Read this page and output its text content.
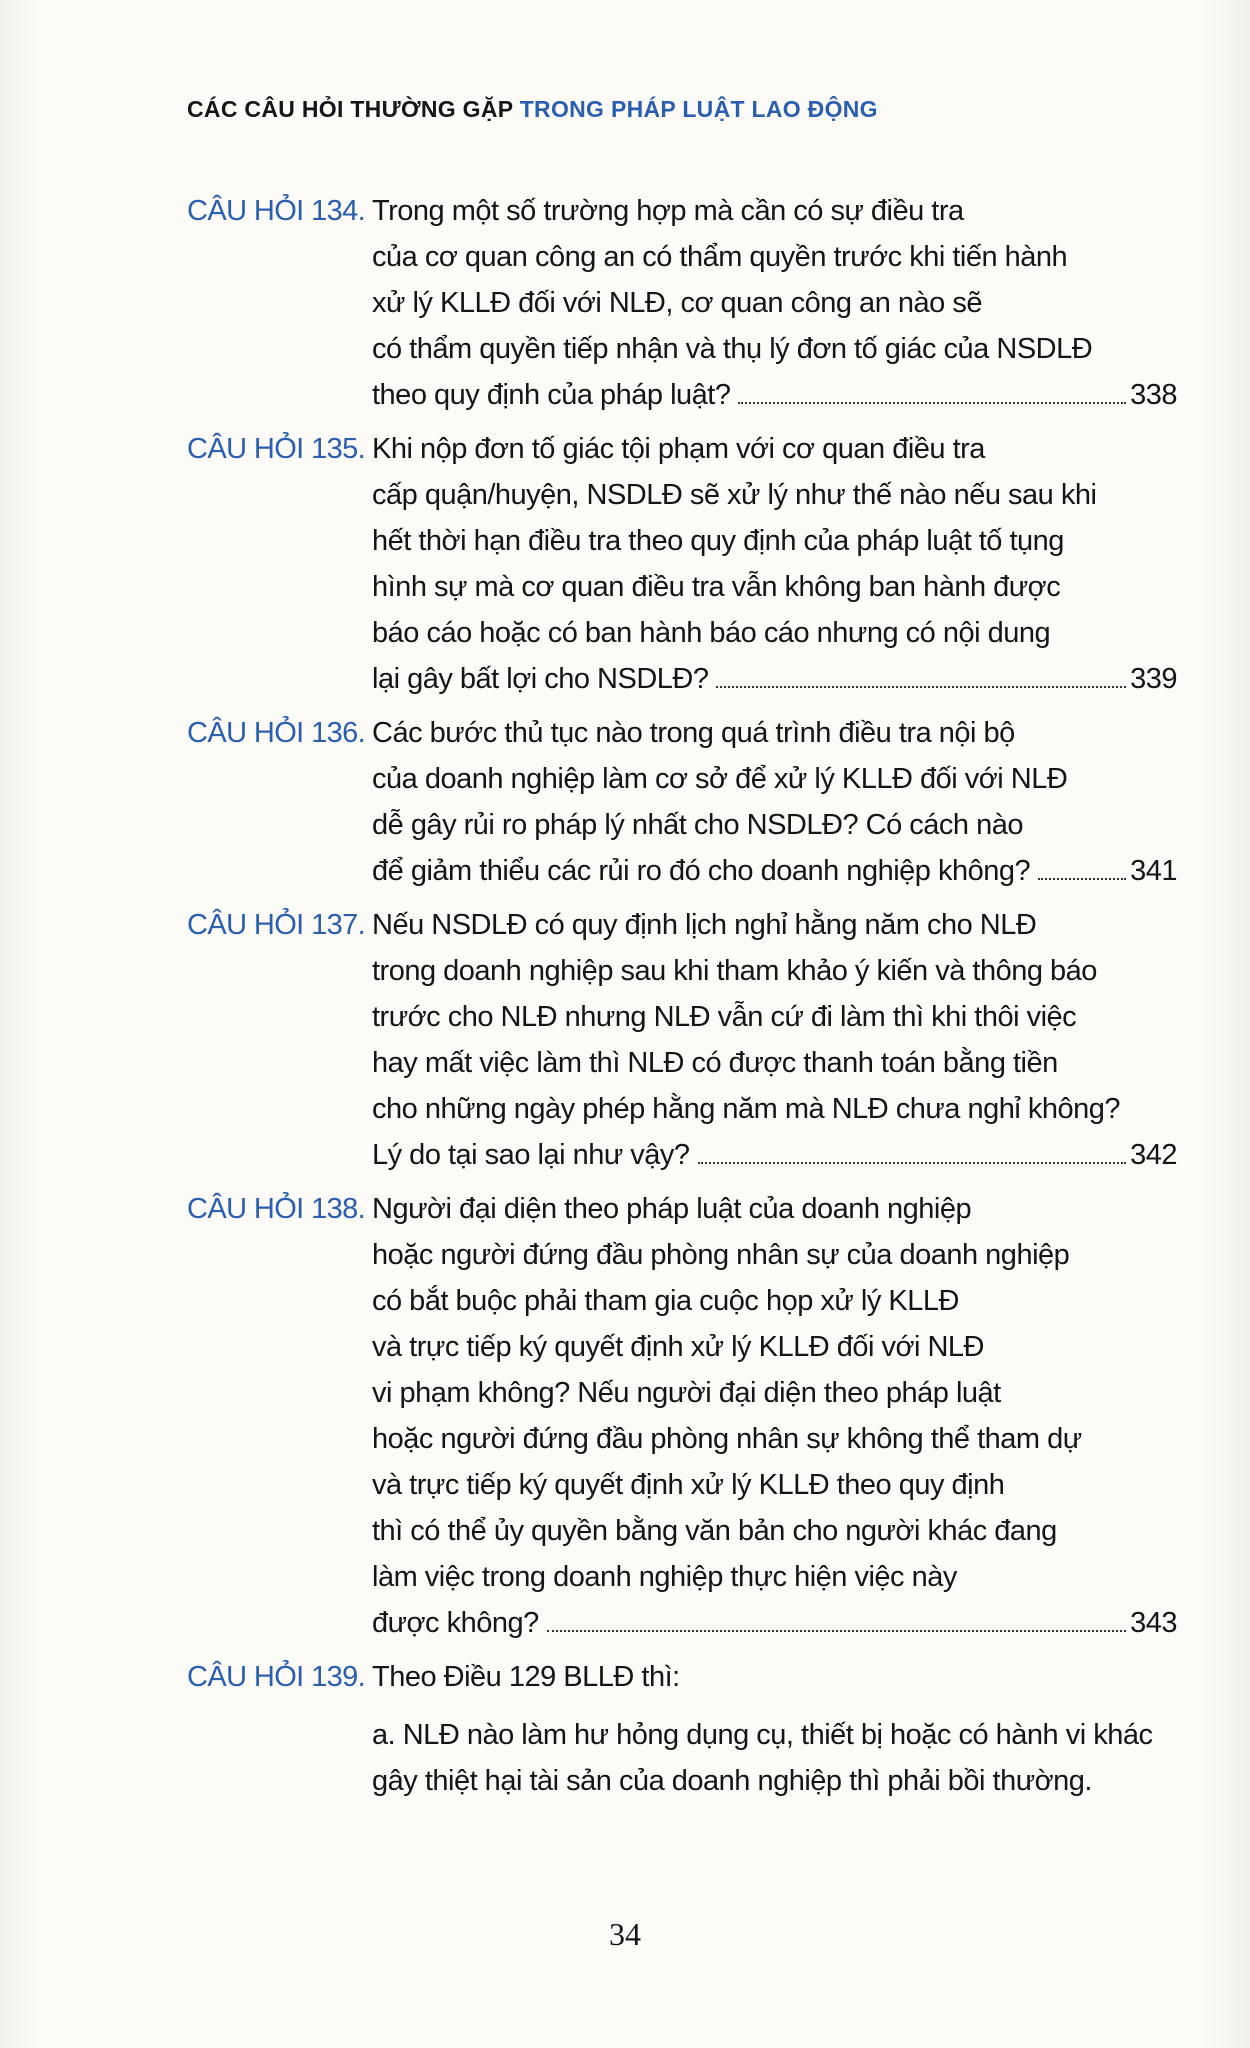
CÁC CÂU HỎI THƯỜNG GẶP TRONG PHÁP LUẬT LAO ĐỘNG
CÂU HỎI 134. Trong một số trường hợp mà cần có sự điều tra
của cơ quan công an có thẩm quyền trước khi tiến hành
xử lý KLLĐ đối với NLĐ, cơ quan công an nào sẽ
có thẩm quyền tiếp nhận và thụ lý đơn tố giác của NSDLĐ
theo quy định của pháp luật?	338
CÂU HỎI 135. Khi nộp đơn tố giác tội phạm với cơ quan điều tra
cấp quận/huyện, NSDLĐ sẽ xử lý như thế nào nếu sau khi
hết thời hạn điều tra theo quy định của pháp luật tố tụng
hình sự mà cơ quan điều tra vẫn không ban hành được
báo cáo hoặc có ban hành báo cáo nhưng có nội dung
lại gây bất lợi cho NSDLĐ?	339
CÂU HỎI 136. Các bước thủ tục nào trong quá trình điều tra nội bộ
của doanh nghiệp làm cơ sở để xử lý KLLĐ đối với NLĐ
dễ gây rủi ro pháp lý nhất cho NSDLĐ? Có cách nào
để giảm thiểu các rủi ro đó cho doanh nghiệp không?	341
CÂU HỎI 137. Nếu NSDLĐ có quy định lịch nghỉ hằng năm cho NLĐ
trong doanh nghiệp sau khi tham khảo ý kiến và thông báo
trước cho NLĐ nhưng NLĐ vẫn cứ đi làm thì khi thôi việc
hay mất việc làm thì NLĐ có được thanh toán bằng tiền
cho những ngày phép hằng năm mà NLĐ chưa nghỉ không?
Lý do tại sao lại như vậy?	342
CÂU HỎI 138. Người đại diện theo pháp luật của doanh nghiệp
hoặc người đứng đầu phòng nhân sự của doanh nghiệp
có bắt buộc phải tham gia cuộc họp xử lý KLLĐ
và trực tiếp ký quyết định xử lý KLLĐ đối với NLĐ
vi phạm không? Nếu người đại diện theo pháp luật
hoặc người đứng đầu phòng nhân sự không thể tham dự
và trực tiếp ký quyết định xử lý KLLĐ theo quy định
thì có thể ủy quyền bằng văn bản cho người khác đang
làm việc trong doanh nghiệp thực hiện việc này
được không?	343
CÂU HỎI 139. Theo Điều 129 BLLĐ thì:
a. NLĐ nào làm hư hỏng dụng cụ, thiết bị hoặc có hành vi khác
gây thiệt hại tài sản của doanh nghiệp thì phải bồi thường.
34
